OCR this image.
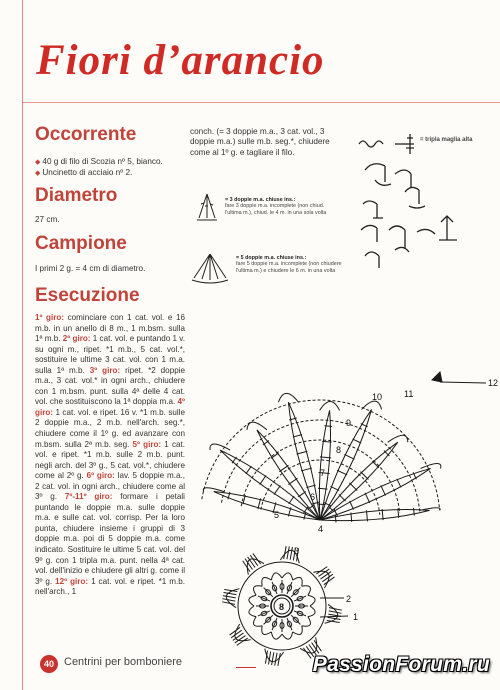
Fiori d’arancio
Occorrente
◆ 40 g di filo di Scozia nº 5, bianco.
◆ Uncinetto di acciaio nº 2.
Diametro
27 cm.
Campione
I primi 2 g. = 4 cm di diametro.
Esecuzione
1º giro: cominciare con 1 cat. vol. e 16 m.b. in un anello di 8 m., 1 m.bsm. sulla 1ª m.b. 2º giro: 1 cat. vol. e puntando 1 v. su ogni m., ripet. *1 m.b., 5 cat. vol.*, sostituire le ultime 3 cat. vol. con 1 m.a. sulla 1ª m.b. 3º giro: ripet. *2 doppie m.a., 3 cat. vol.* in ogni arch., chiudere con 1 m.bsm. punt. sulla 4ª delle 4 cat. vol. che sostituiscono la 1ª doppia m.a. 4º giro: 1 cat. vol. e ripet. 16 v. *1 m.b. sulle 2 doppie m.a., 2 m.b. nell'arch. seg.*, chiudere come il 1º g. ed avanzare con m.bsm. sulla 2ª m.b. seg. 5º giro: 1 cat. vol. e ripet. *1 m.b. sulle 2 m.b. punt. negli arch. del 3º g., 5 cat. vol.*, chiudere come al 2º g. 6º giro: lav. 5 doppie m.a., 2 cat. vol. in ogni arch., chiudere come al 3º g. 7º-11º giro: formare i petali puntando le doppie m.a. sulle doppie m.a. e sulle cat. vol. corrisp. Per la loro punta, chiudere insieme i gruppi di 3 doppie m.a. poi di 5 doppie m.a. come indicato. Sostituire le ultime 5 cat. vol. del 9º g. con 1 tripla m.a. punt. nella 4ª cat. vol. dell'inizio e chiudere gli altri g. come il 3º g. 12º giro: 1 cat. vol. e ripet. *1 m.b. nell'arch., 1
conch. (= 3 doppie m.a., 3 cat. vol., 3 doppie m.a.) sulle m.b. seg.*, chiudere come al 1º g. e tagliare il filo.
= tripla maglia alta
= 3 doppie m.a. chiuse ins.:
fare 3 doppie m.a. incomplete (non chiud. l'ultima m.), chiud. le 4 m. in una sola volta
= 5 doppie m.a. chiuse ins.:
fare 5 doppie m.a. incomplete (non chiudere l'ultima m.) e chiudere le 6 m. in una volta
1
2
3
4
5
6
7
8
9
10 11
12
8
40 Centrini per bomboniere	PassionForum.ru
